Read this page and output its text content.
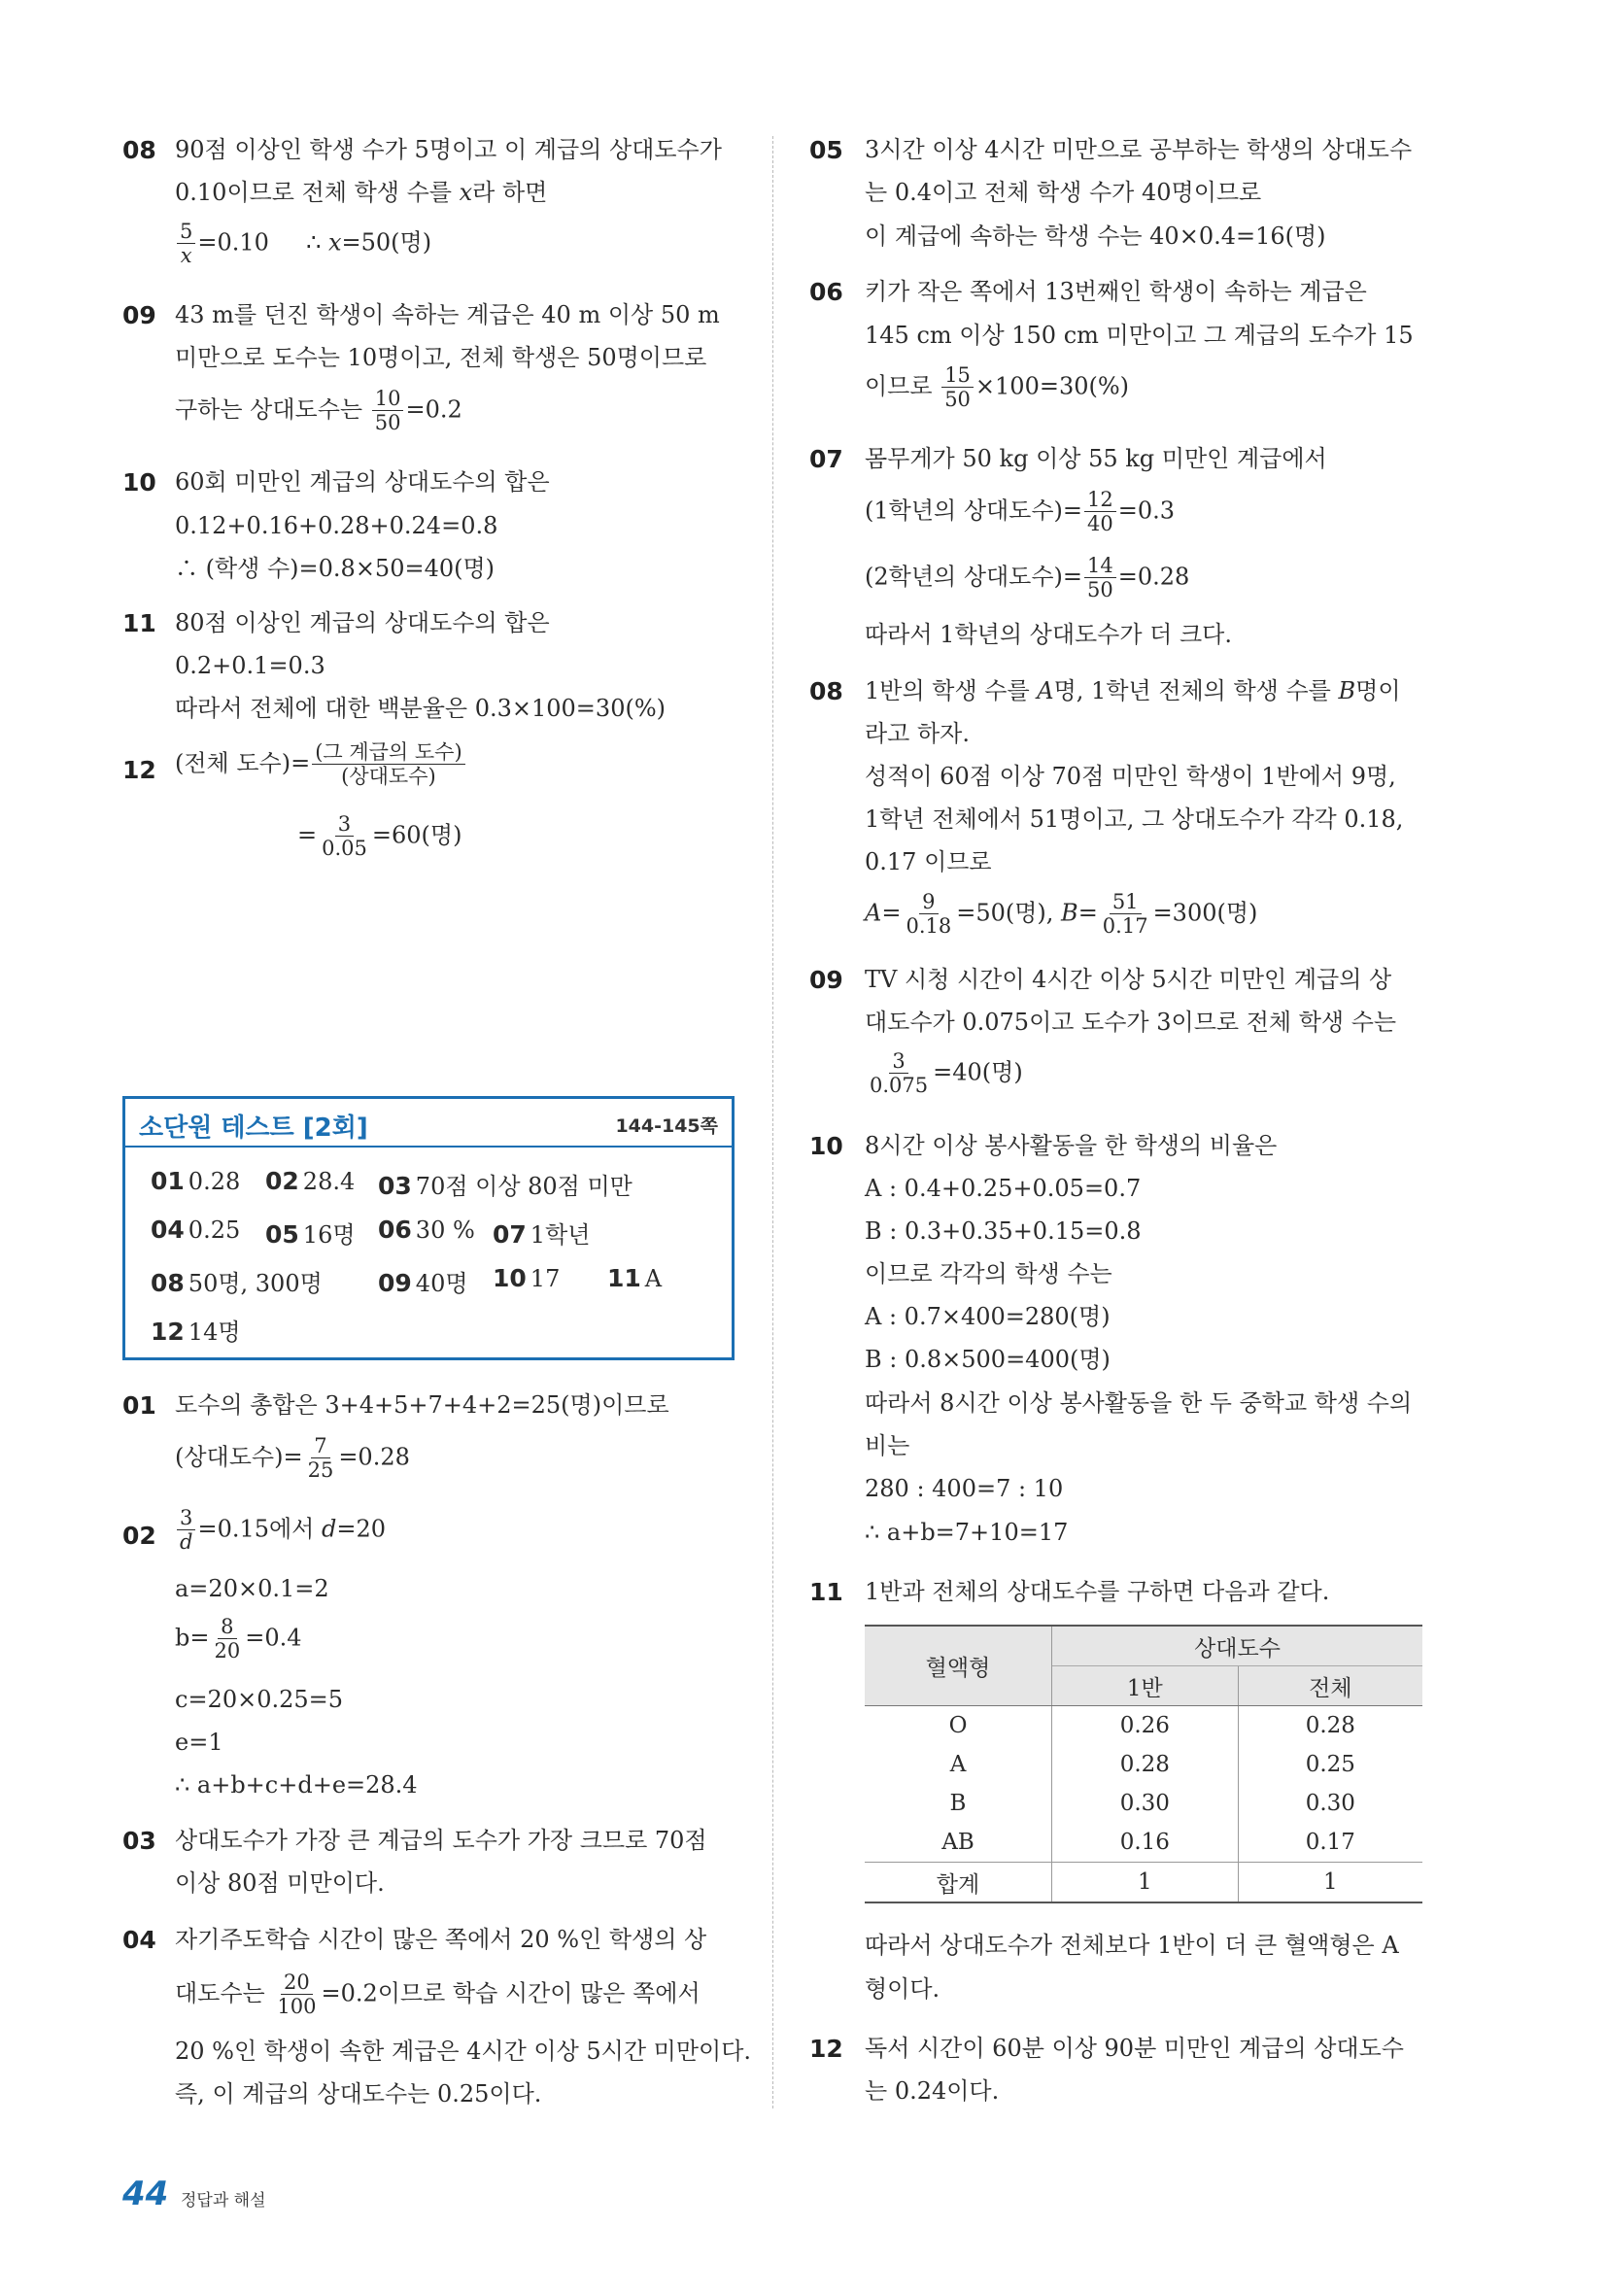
08 90점 이상인 학생 수가 5명이고 이 계급의 상대도수가
0.10이므로 전체 학생 수를 x라 하면
$\frac{5}{x} =0.10$ ∴ x=50(명)
09 43 m를 던진 학생이 속하는 계급은 40 m 이상 50 m
미만으로 도수는 10명이고, 전체 학생은 50명이므로
구하는 상대도수는 $\frac{10}{50} =0.2$
10 60회 미만인 계급의 상대도수의 합은
0.12+0.16+0.28+0.24=0.8
∴ (학생 수)=0.8×50=40(명)
11 80점 이상인 계급의 상대도수의 합은
0.2+0.1=0.3
따라서 전체에 대한 백분율은 0.3×100=30(%)
12 (전체 도수)= $\frac{\text{(그 계급의 도수)}}{\text{(상대도수)}}$
= $\frac{3}{0.05} =60$(명)
소단원 테스트 [2회]	144-145쪽
01 0.28 02 28.4 03 70점 이상 80점 미만
04 0.25 05 16명 06 30 % 07 1학년
08 50명, 300명 09 40명 10 17 11 A
12 14명
01 도수의 총합은 3+4+5+7+4+2=25(명)이므로
(상대도수)= $\frac{7}{25} =0.28$
$02 \frac{3}{d} =0.15$에서 d=20
a=20×0.1=2
$b= \frac{8}{20} =0.4$
c=20×0.25=5
e=1
∴ a+b+c+d+e=28.4
03 상대도수가 가장 큰 계급의 도수가 가장 크므로 70점
이상 80점 미만이다.
04 자기주도학습 시간이 많은 쪽에서 20 %인 학생의 상
대도수는 $\frac{20}{100} =0.2$이므로 학습 시간이 많은 쪽에서
20 %인 학생이 속한 계급은 4시간 이상 5시간 미만이다.
즉, 이 계급의 상대도수는 0.25이다.
05 3시간 이상 4시간 미만으로 공부하는 학생의 상대도수
는 0.4이고 전체 학생 수가 40명이므로
이 계급에 속하는 학생 수는 40×0.4=16(명)
06 키가 작은 쪽에서 13번째인 학생이 속하는 계급은
145 cm 이상 150 cm 미만이고 그 계급의 도수가 15
이므로 $\frac{15}{50} \times 100=30(\%)$
07 몸무게가 50 kg 이상 55 kg 미만인 계급에서
(1학년의 상대도수)= $\frac{12}{40} =0.3$
(2학년의 상대도수)= $\frac{14}{50} =0.28$
따라서 1학년의 상대도수가 더 크다.
08 1반의 학생 수를 A명, 1학년 전체의 학생 수를 B명이
라고 하자.
성적이 60점 이상 70점 미만인 학생이 1반에서 9명,
1학년 전체에서 51명이고, 그 상대도수가 각각 0.18,
0.17 이므로
$A= \frac{9}{0.18} =50$(명), $B= \frac{51}{0.17} =300$(명)
09 TV 시청 시간이 4시간 이상 5시간 미만인 계급의 상
대도수가 0.075이고 도수가 3이므로 전체 학생 수는
$\frac{3}{0.075} =40$(명)
10 8시간 이상 봉사활동을 한 학생의 비율은
A : 0.4+0.25+0.05=0.7
B : 0.3+0.35+0.15=0.8
이므로 각각의 학생 수는
A : 0.7×400=280(명)
B : 0.8×500=400(명)
따라서 8시간 이상 봉사활동을 한 두 중학교 학생 수의
비는
280 : 400=7 : 10
∴ a+b=7+10=17
11 1반과 전체의 상대도수를 구하면 다음과 같다.
혈액형	상대도수	
	1반	전체
O	0.26	0.28
A	0.28	0.25
B	0.30	0.30
AB	0.16	0.17
합계	1	1
따라서 상대도수가 전체보다 1반이 더 큰 혈액형은 A
형이다.
12 독서 시간이 60분 이상 90분 미만인 계급의 상대도수
는 0.24이다.
44 정답과 해설
